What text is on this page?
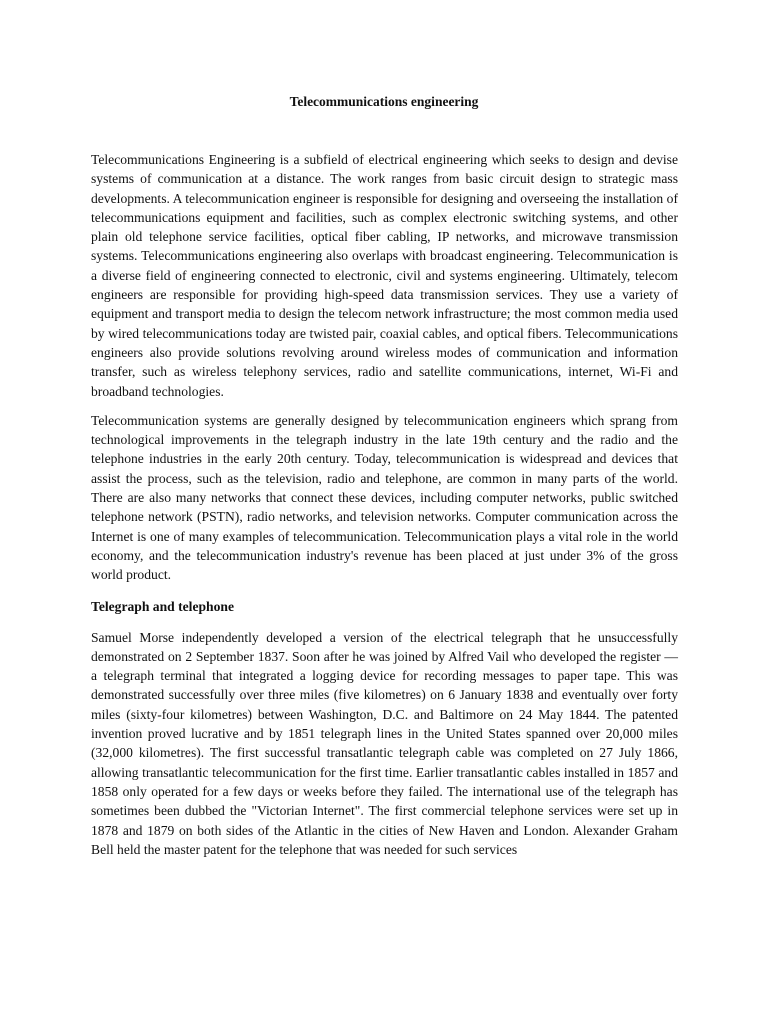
Telecommunications engineering

Telecommunications Engineering is a subfield of electrical engineering which seeks to design and devise systems of communication at a distance. The work ranges from basic circuit design to strategic mass developments. A telecommunication engineer is responsible for designing and overseeing the installation of telecommunications equipment and facilities, such as complex electronic switching systems, and other plain old telephone service facilities, optical fiber cabling, IP networks, and microwave transmission systems. Telecommunications engineering also overlaps with broadcast engineering. Telecommunication is a diverse field of engineering connected to electronic, civil and systems engineering. Ultimately, telecom engineers are responsible for providing high-speed data transmission services. They use a variety of equipment and transport media to design the telecom network infrastructure; the most common media used by wired telecommunications today are twisted pair, coaxial cables, and optical fibers. Telecommunications engineers also provide solutions revolving around wireless modes of communication and information transfer, such as wireless telephony services, radio and satellite communications, internet, Wi-Fi and broadband technologies.

Telecommunication systems are generally designed by telecommunication engineers which sprang from technological improvements in the telegraph industry in the late 19th century and the radio and the telephone industries in the early 20th century. Today, telecommunication is widespread and devices that assist the process, such as the television, radio and telephone, are common in many parts of the world. There are also many networks that connect these devices, including computer networks, public switched telephone network (PSTN), radio networks, and television networks. Computer communication across the Internet is one of many examples of telecommunication. Telecommunication plays a vital role in the world economy, and the telecommunication industry's revenue has been placed at just under 3% of the gross world product.

Telegraph and telephone

Samuel Morse independently developed a version of the electrical telegraph that he unsuccessfully demonstrated on 2 September 1837. Soon after he was joined by Alfred Vail who developed the register — a telegraph terminal that integrated a logging device for recording messages to paper tape. This was demonstrated successfully over three miles (five kilometres) on 6 January 1838 and eventually over forty miles (sixty-four kilometres) between Washington, D.C. and Baltimore on 24 May 1844. The patented invention proved lucrative and by 1851 telegraph lines in the United States spanned over 20,000 miles (32,000 kilometres). The first successful transatlantic telegraph cable was completed on 27 July 1866, allowing transatlantic telecommunication for the first time. Earlier transatlantic cables installed in 1857 and 1858 only operated for a few days or weeks before they failed. The international use of the telegraph has sometimes been dubbed the "Victorian Internet". The first commercial telephone services were set up in 1878 and 1879 on both sides of the Atlantic in the cities of New Haven and London. Alexander Graham Bell held the master patent for the telephone that was needed for such services
